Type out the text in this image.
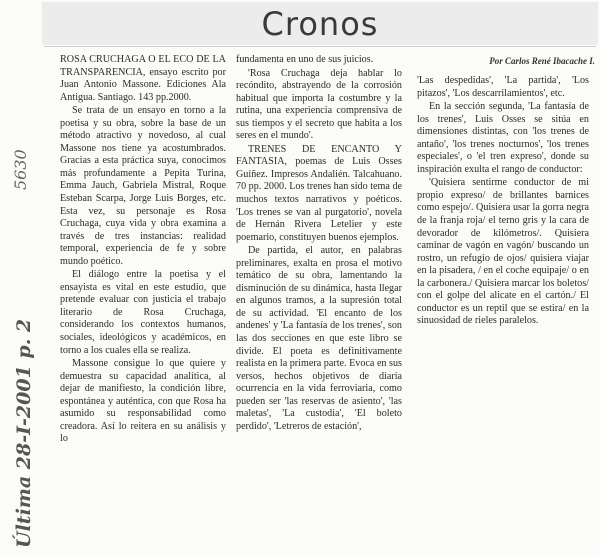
Cronos
Por Carlos René Ibacache I.
Última 28-I-2001 p. 2
563008

ROSA CRUCHAGA O EL ECO DE LA TRANSPARENCIA, ensayo escrito por Juan Antonio Massone. Ediciones Ala Antigua. Santiago. 143 pp.2000.

Se trata de un ensayo en torno a la poetisa y su obra, sobre la base de un método atractivo y novedoso, al cual Massone nos tiene ya acostumbrados. Gracias a esta práctica suya, conocimos más profundamente a Pepita Turina, Emma Jauch, Gabriela Mistral, Roque Esteban Scarpa, Jorge Luis Borges, etc. Esta vez, su personaje es Rosa Cruchaga, cuya vida y obra examina a través de tres instancias: realidad temporal, experiencia de fe y sobre mundo poético.

El diálogo entre la poetisa y el ensayista es vital en este estudio, que pretende evaluar con justicia el trabajo literario de Rosa Cruchaga, considerando los contextos humanos, sociales, ideológicos y académicos, en torno a los cuales ella se realiza.

Massone consigue lo que quiere y demuestra su capacidad analítica, al dejar de manifiesto, la condición libre, espontánea y auténtica, con que Rosa ha asumido su responsabilidad como creadora. Así lo reitera en su análisis y lo

fundamenta en uno de sus juicios.

'Rosa Cruchaga deja hablar lo recóndito, abstrayendo de la corrosión habitual que importa la costumbre y la rutina, una experiencia comprensiva de sus tiempos y el secreto que habita a los seres en el mundo'.

TRENES DE ENCANTO Y FANTASIA, poemas de Luis Osses Guíñez. Impresos Andalién. Talcahuano. 70 pp. 2000. Los trenes han sido tema de muchos textos narrativos y poéticos. 'Los trenes se van al purgatorio', novela de Hernán Rivera Letelier y este poemario, constituyen buenos ejemplos.

De partida, el autor, en palabras preliminares, exalta en prosa el motivo temático de su obra, lamentando la disminución de su dinámica, hasta llegar en algunos tramos, a la supresión total de su actividad. 'El encanto de los andenes' y 'La fantasía de los trenes', son las dos secciones en que este libro se divide. El poeta es definitivamente realista en la primera parte. Evoca en sus versos, hechos objetivos de diaria ocurrencia en la vida ferroviaria, como pueden ser 'las reservas de asiento', 'las maletas', 'La custodia', 'El boleto perdido', 'Letreros de estación',

'Las despedidas', 'La partida', 'Los pitazos', 'Los descarrilamientos', etc.

En la sección segunda, 'La fantasía de los trenes', Luis Osses se sitúa en dimensiones distintas, con 'los trenes de antaño', 'los trenes nocturnos', 'los trenes especiales', o 'el tren expreso', donde su inspiración exulta el rango de conductor:

'Quisiera sentirme conductor de mi propio expreso/ de brillantes barnices como espejo/. Quisiera usar la gorra negra de la franja roja/ el terno gris y la cara de devorador de kilómetros/. Quisiera caminar de vagón en vagón/ buscando un rostro, un refugio de ojos/ quisiera viajar en la pisadera, / en el coche equipaje/ o en la carbonera./ Quisiera marcar los boletos/ con el golpe del alicate en el cartón./ El conductor es un reptil que se estira/ en la sinuosidad de rieles paralelos.
